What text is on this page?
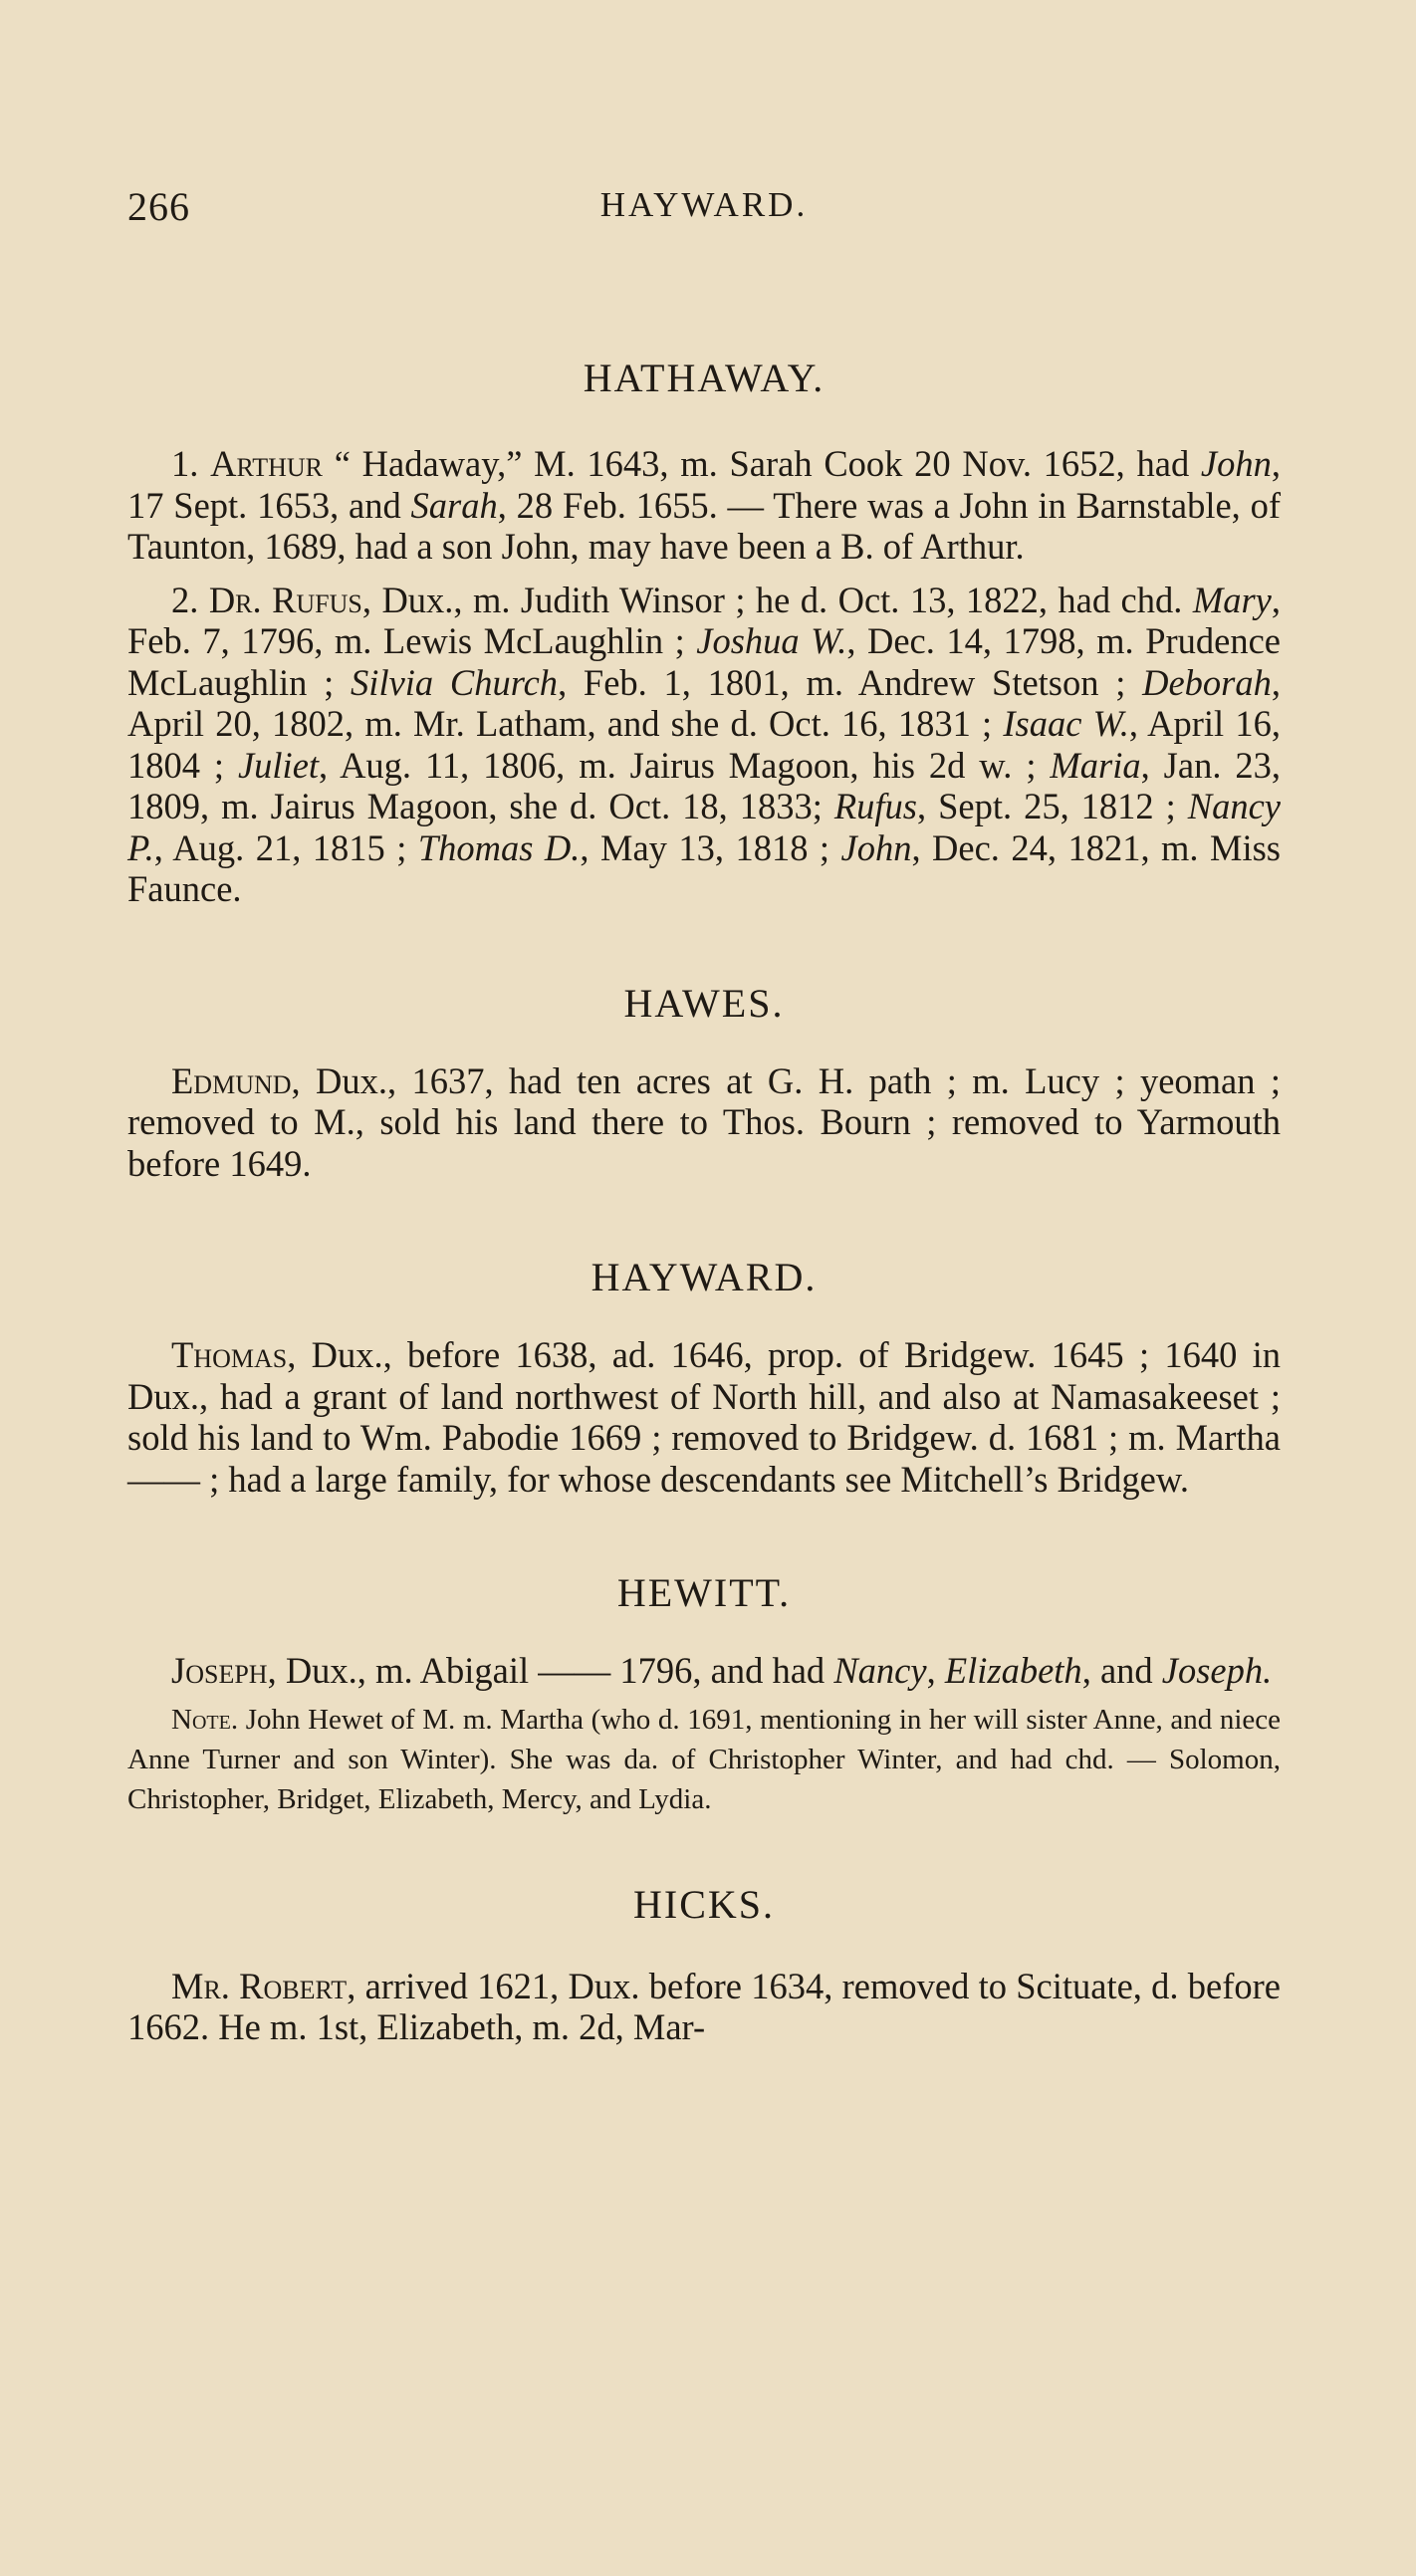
266	HAYWARD.
HATHAWAY.

1. Arthur “ Hadaway,” M. 1643, m. Sarah Cook 20 Nov. 1652, had John, 17 Sept. 1653, and Sarah, 28 Feb. 1655. — There was a John in Barnstable, of Taunton, 1689, had a son John, may have been a B. of Arthur.

2. Dr. Rufus, Dux., m. Judith Winsor ; he d. Oct. 13, 1822, had chd. Mary, Feb. 7, 1796, m. Lewis McLaughlin ; Joshua W., Dec. 14, 1798, m. Prudence McLaughlin ; Silvia Church, Feb. 1, 1801, m. Andrew Stetson ; Deborah, April 20, 1802, m. Mr. Latham, and she d. Oct. 16, 1831 ; Isaac W., April 16, 1804 ; Juliet, Aug. 11, 1806, m. Jairus Magoon, his 2d w. ; Maria, Jan. 23, 1809, m. Jairus Magoon, she d. Oct. 18, 1833; Rufus, Sept. 25, 1812 ; Nancy P., Aug. 21, 1815 ; Thomas D., May 13, 1818 ; John, Dec. 24, 1821, m. Miss Faunce.

HAWES.

Edmund, Dux., 1637, had ten acres at G. H. path ; m. Lucy ; yeoman ; removed to M., sold his land there to Thos. Bourn ; removed to Yarmouth before 1649.

HAYWARD.

Thomas, Dux., before 1638, ad. 1646, prop. of Bridgew. 1645 ; 1640 in Dux., had a grant of land northwest of North hill, and also at Namasakeeset ; sold his land to Wm. Pabodie 1669 ; removed to Bridgew. d. 1681 ; m. Martha —— ; had a large family, for whose descendants see Mitchell’s Bridgew.

HEWITT.

Joseph, Dux., m. Abigail —— 1796, and had Nancy, Elizabeth, and Joseph.

Note. John Hewet of M. m. Martha (who d. 1691, mentioning in her will sister Anne, and niece Anne Turner and son Winter). She was da. of Christopher Winter, and had chd. — Solomon, Christopher, Bridget, Elizabeth, Mercy, and Lydia.

HICKS.

Mr. Robert, arrived 1621, Dux. before 1634, removed to Scituate, d. before 1662. He m. 1st, Elizabeth, m. 2d, Mar-
